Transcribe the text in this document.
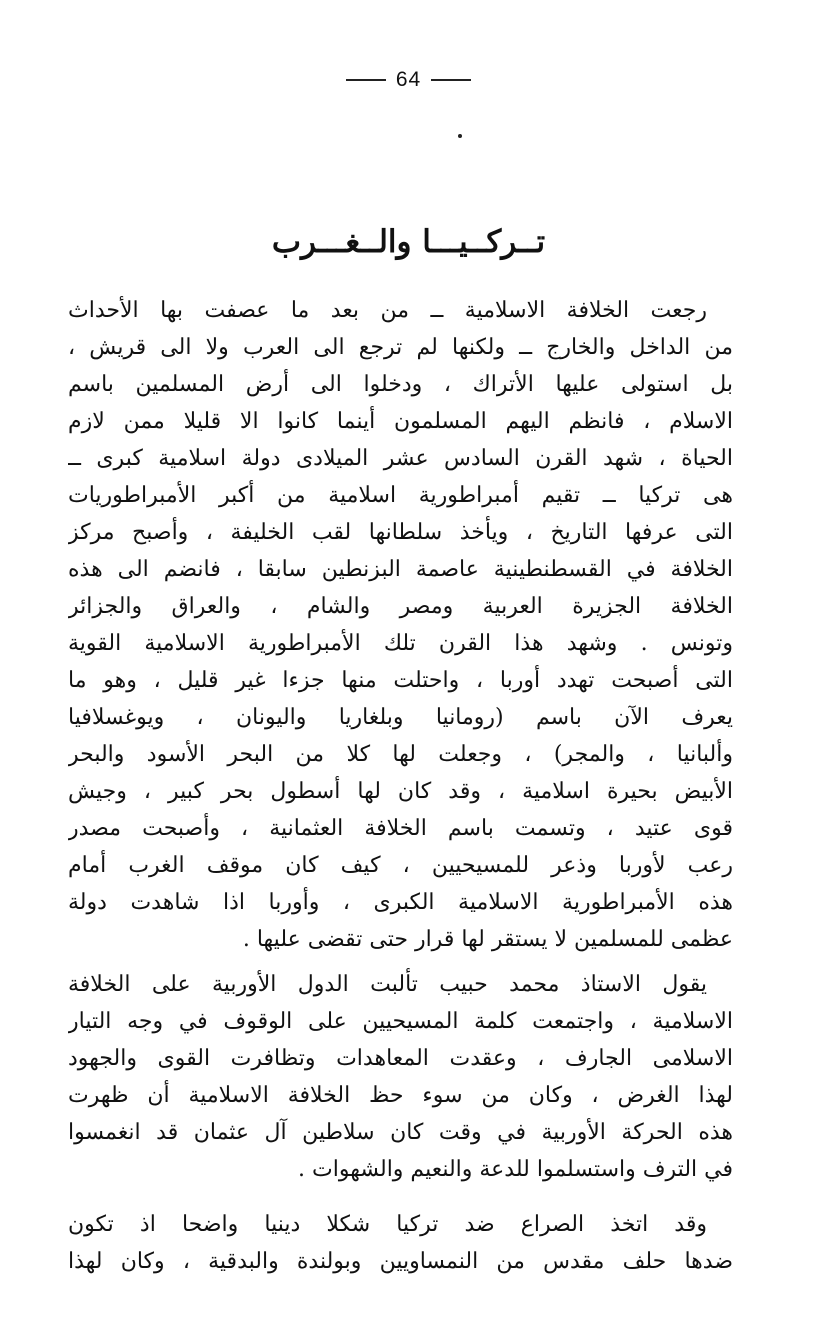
64
تــركــيـــا والــغـــرب
رجعت الخلافة الاسلامية ــ من بعد ما عصفت بها الأحداث
من الداخل والخارج ــ ولكنها لم ترجع الى العرب ولا الى قريش ،
بل استولى عليها الأتراك ، ودخلوا الى أرض المسلمين باسم
الاسلام ، فانظم اليهم المسلمون أينما كانوا الا قليلا ممن لازم
الحياة ، شهد القرن السادس عشر الميلادى دولة اسلامية كبرى ــ
هى تركيا ــ تقيم أمبراطورية اسلامية من أكبر الأمبراطوريات
التى عرفها التاريخ ، ويأخذ سلطانها لقب الخليفة ، وأصبح مركز
الخلافة في القسطنطينية عاصمة البزنطين سابقا ، فانضم الى هذه
الخلافة الجزيرة العربية ومصر والشام ، والعراق والجزائر
وتونس . وشهد هذا القرن تلك الأمبراطورية الاسلامية القوية
التى أصبحت تهدد أوربا ، واحتلت منها جزءا غير قليل ، وهو ما
يعرف الآن باسم (رومانيا وبلغاريا واليونان ، ويوغسلافيا
وألبانيا ، والمجر) ، وجعلت لها كلا من البحر الأسود والبحر
الأبيض بحيرة اسلامية ، وقد كان لها أسطول بحر كبير ، وجيش
قوى عتيد ، وتسمت باسم الخلافة العثمانية ، وأصبحت مصدر
رعب لأوربا وذعر للمسيحيين ، كيف كان موقف الغرب أمام
هذه الأمبراطورية الاسلامية الكبرى ، وأوربا اذا شاهدت دولة
عظمى للمسلمين لا يستقر لها قرار حتى تقضى عليها .
يقول الاستاذ محمد حبيب تألبت الدول الأوربية على الخلافة
الاسلامية ، واجتمعت كلمة المسيحيين على الوقوف في وجه التيار
الاسلامى الجارف ، وعقدت المعاهدات وتظافرت القوى والجهود
لهذا الغرض ، وكان من سوء حظ الخلافة الاسلامية أن ظهرت
هذه الحركة الأوربية في وقت كان سلاطين آل عثمان قد انغمسوا
في الترف واستسلموا للدعة والنعيم والشهوات .
وقد اتخذ الصراع ضد تركيا شكلا دينيا واضحا اذ تكون
ضدها حلف مقدس من النمساويين وبولندة والبدقية ، وكان لهذا
